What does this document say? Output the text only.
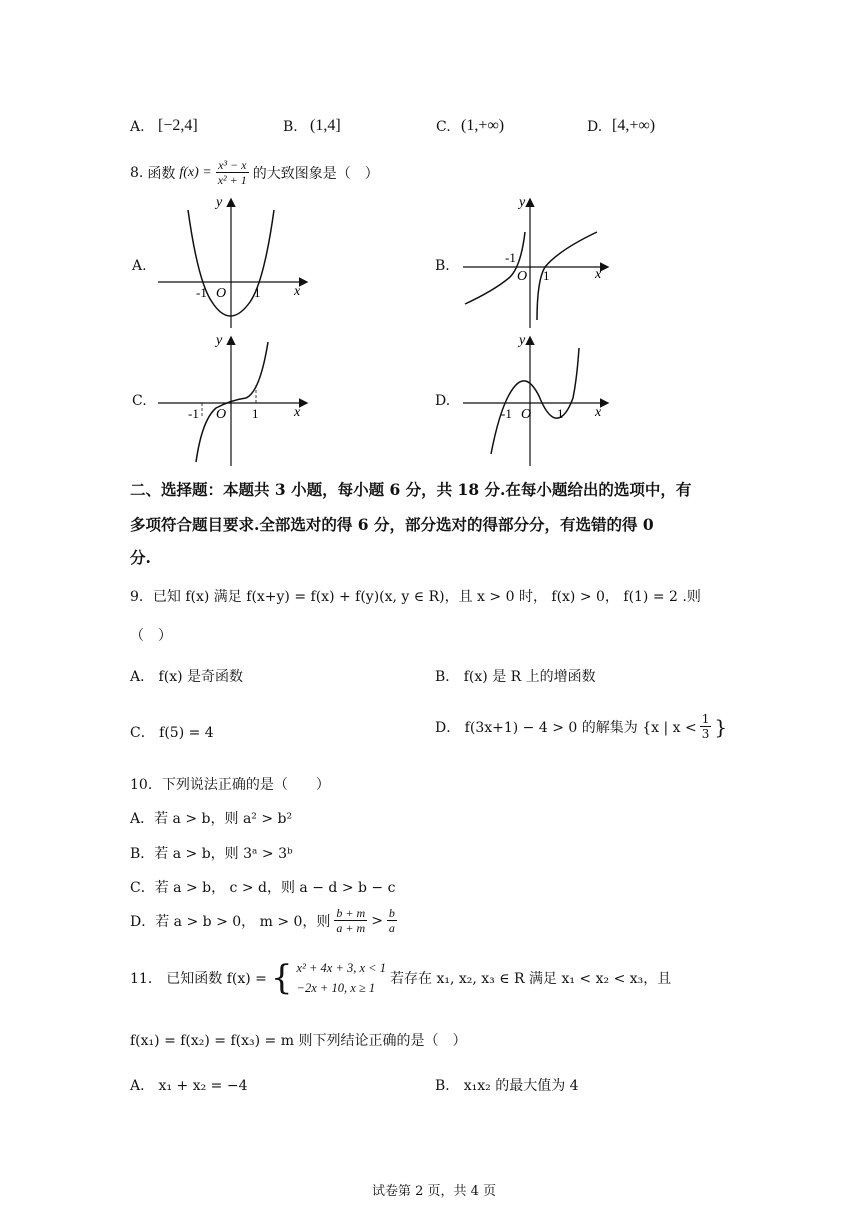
A. [−2,4]	B. (1,4]	C. (1,+∞)	D. [4,+∞)
8. 函数 $f(x) = \frac{\text{x³ − x}}{\text{x² + 1}}$ 的大致图象是（　）
A.	B.
C.	D.
y
x
O
-1	1
y
x
O
-1
1
y
x
O
-1	1
y
x
O
-1	1
二、选择题：本题共 3 小题，每小题 6 分，共 18 分.在每小题给出的选项中，有
多项符合题目要求.全部选对的得 6 分，部分选对的得部分分，有选错的得 0
分.
9．已知 f(x) 满足 f(x+y) = f(x) + f(y)(x, y ∈ R)，且 x > 0 时， f(x) > 0， f(1) = 2 .则
（　）
A． f(x) 是奇函数	B． f(x) 是 R 上的增函数
C． f(5) = 4	D． f(3x+1) − 4 > 0 的解集为 {x | $x < \frac{1}{3}$ }
10．下列说法正确的是（　　）
A．若 a > b，则 a² > b²
B．若 a > b，则 3ᵃ > 3ᵇ
C．若 a > b， c > d，则 a − d > b − c
D．若 a > b > 0， m > 0，则 $\frac{b + m}{a + m} > \frac{b}{a}$
11． 已知函数 f(x) = { x² + 4x + 3, x < 1
−2x + 10, x ≥ 1
若存在 x₁, x₂, x₃ ∈ R 满足 x₁ < x₂ < x₃，且
f(x₁) = f(x₂) = f(x₃) = m 则下列结论正确的是（　）
A． x₁ + x₂ = −4	B． x₁x₂ 的最大值为 4
试卷第 2 页，共 4 页
